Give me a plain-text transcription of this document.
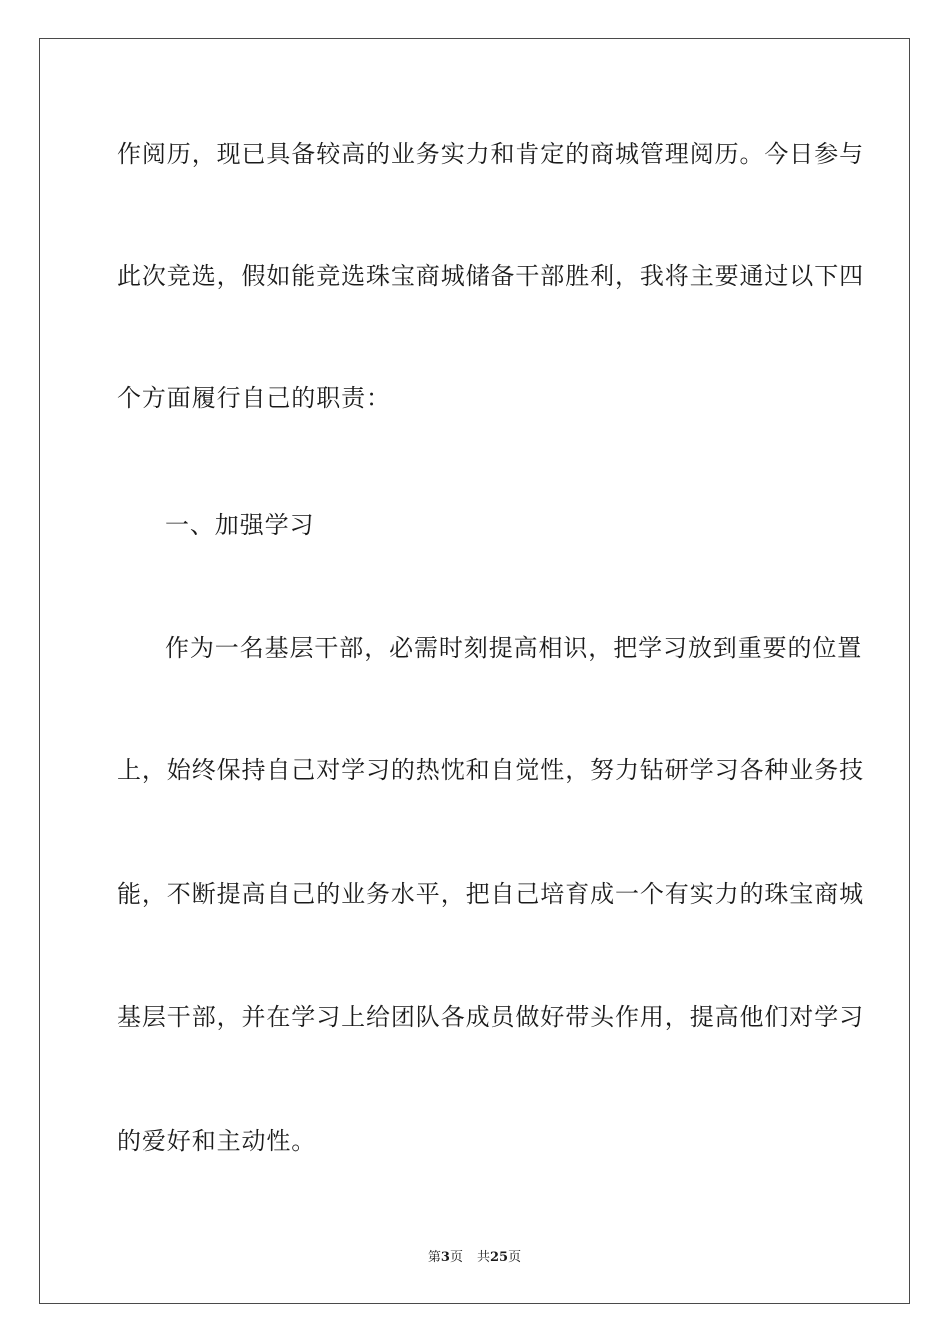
作阅历，现已具备较高的业务实力和肯定的商城管理阅历。今日参与
此次竞选，假如能竞选珠宝商城储备干部胜利，我将主要通过以下四
个方面履行自己的职责：
一、加强学习
作为一名基层干部，必需时刻提高相识，把学习放到重要的位置
上，始终保持自己对学习的热忱和自觉性，努力钻研学习各种业务技
能，不断提高自己的业务水平，把自己培育成一个有实力的珠宝商城
基层干部，并在学习上给团队各成员做好带头作用，提高他们对学习
的爱好和主动性。
第3页 共25页
